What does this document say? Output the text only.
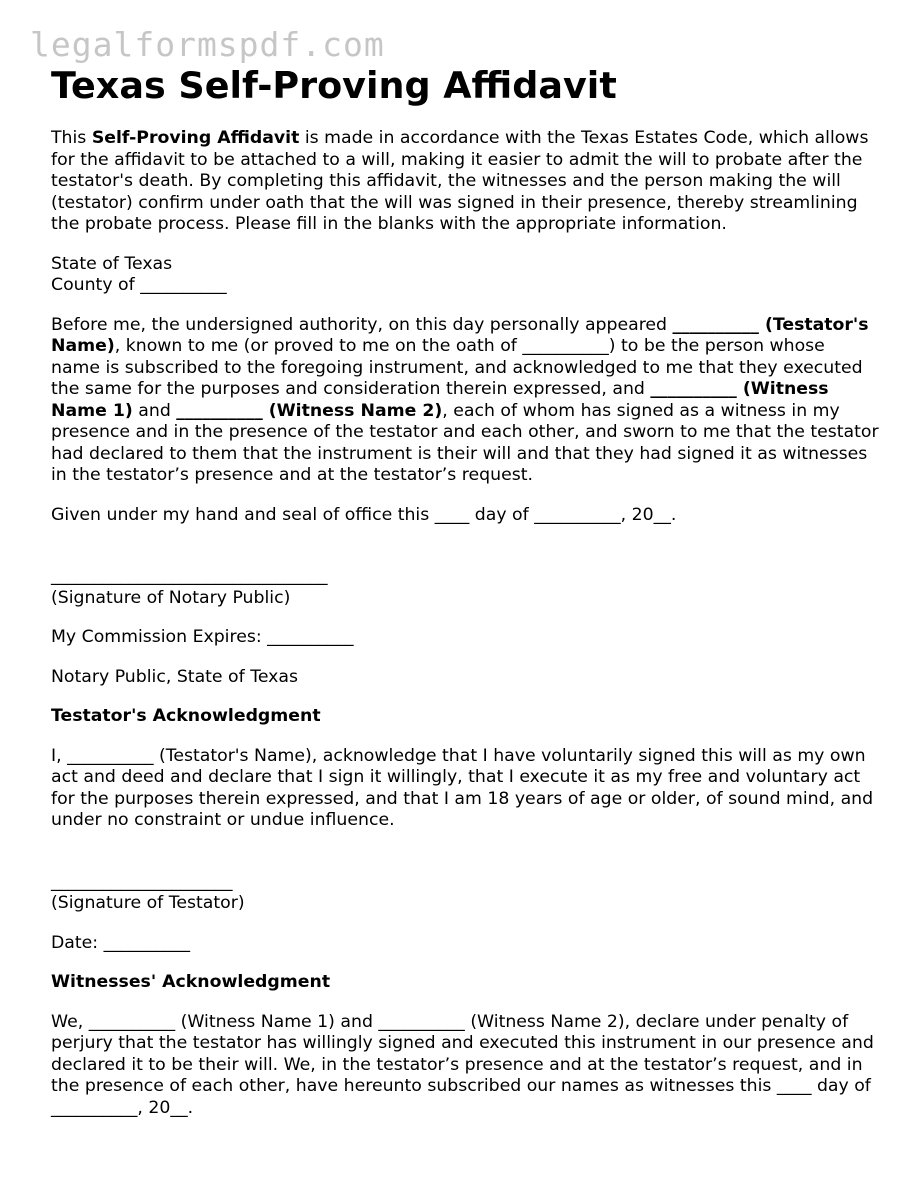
legalformspdf.com
Texas Self-Proving Affidavit

This Self-Proving Affidavit is made in accordance with the Texas Estates Code, which allows for the affidavit to be attached to a will, making it easier to admit the will to probate after the testator's death. By completing this affidavit, the witnesses and the person making the will (testator) confirm under oath that the will was signed in their presence, thereby streamlining the probate process. Please fill in the blanks with the appropriate information.

State of Texas
County of __________

Before me, the undersigned authority, on this day personally appeared __________ (Testator's Name), known to me (or proved to me on the oath of __________) to be the person whose name is subscribed to the foregoing instrument, and acknowledged to me that they executed the same for the purposes and consideration therein expressed, and __________ (Witness Name 1) and __________ (Witness Name 2), each of whom has signed as a witness in my presence and in the presence of the testator and each other, and sworn to me that the testator had declared to them that the instrument is their will and that they had signed it as witnesses in the testator’s presence and at the testator’s request.

Given under my hand and seal of office this ____ day of __________, 20__.

________________________________
(Signature of Notary Public)

My Commission Expires: __________

Notary Public, State of Texas

Testator's Acknowledgment

I, __________ (Testator's Name), acknowledge that I have voluntarily signed this will as my own act and deed and declare that I sign it willingly, that I execute it as my free and voluntary act for the purposes therein expressed, and that I am 18 years of age or older, of sound mind, and under no constraint or undue influence.

_____________________
(Signature of Testator)

Date: __________

Witnesses' Acknowledgment

We, __________ (Witness Name 1) and __________ (Witness Name 2), declare under penalty of perjury that the testator has willingly signed and executed this instrument in our presence and declared it to be their will. We, in the testator’s presence and at the testator’s request, and in the presence of each other, have hereunto subscribed our names as witnesses this ____ day of __________, 20__.
